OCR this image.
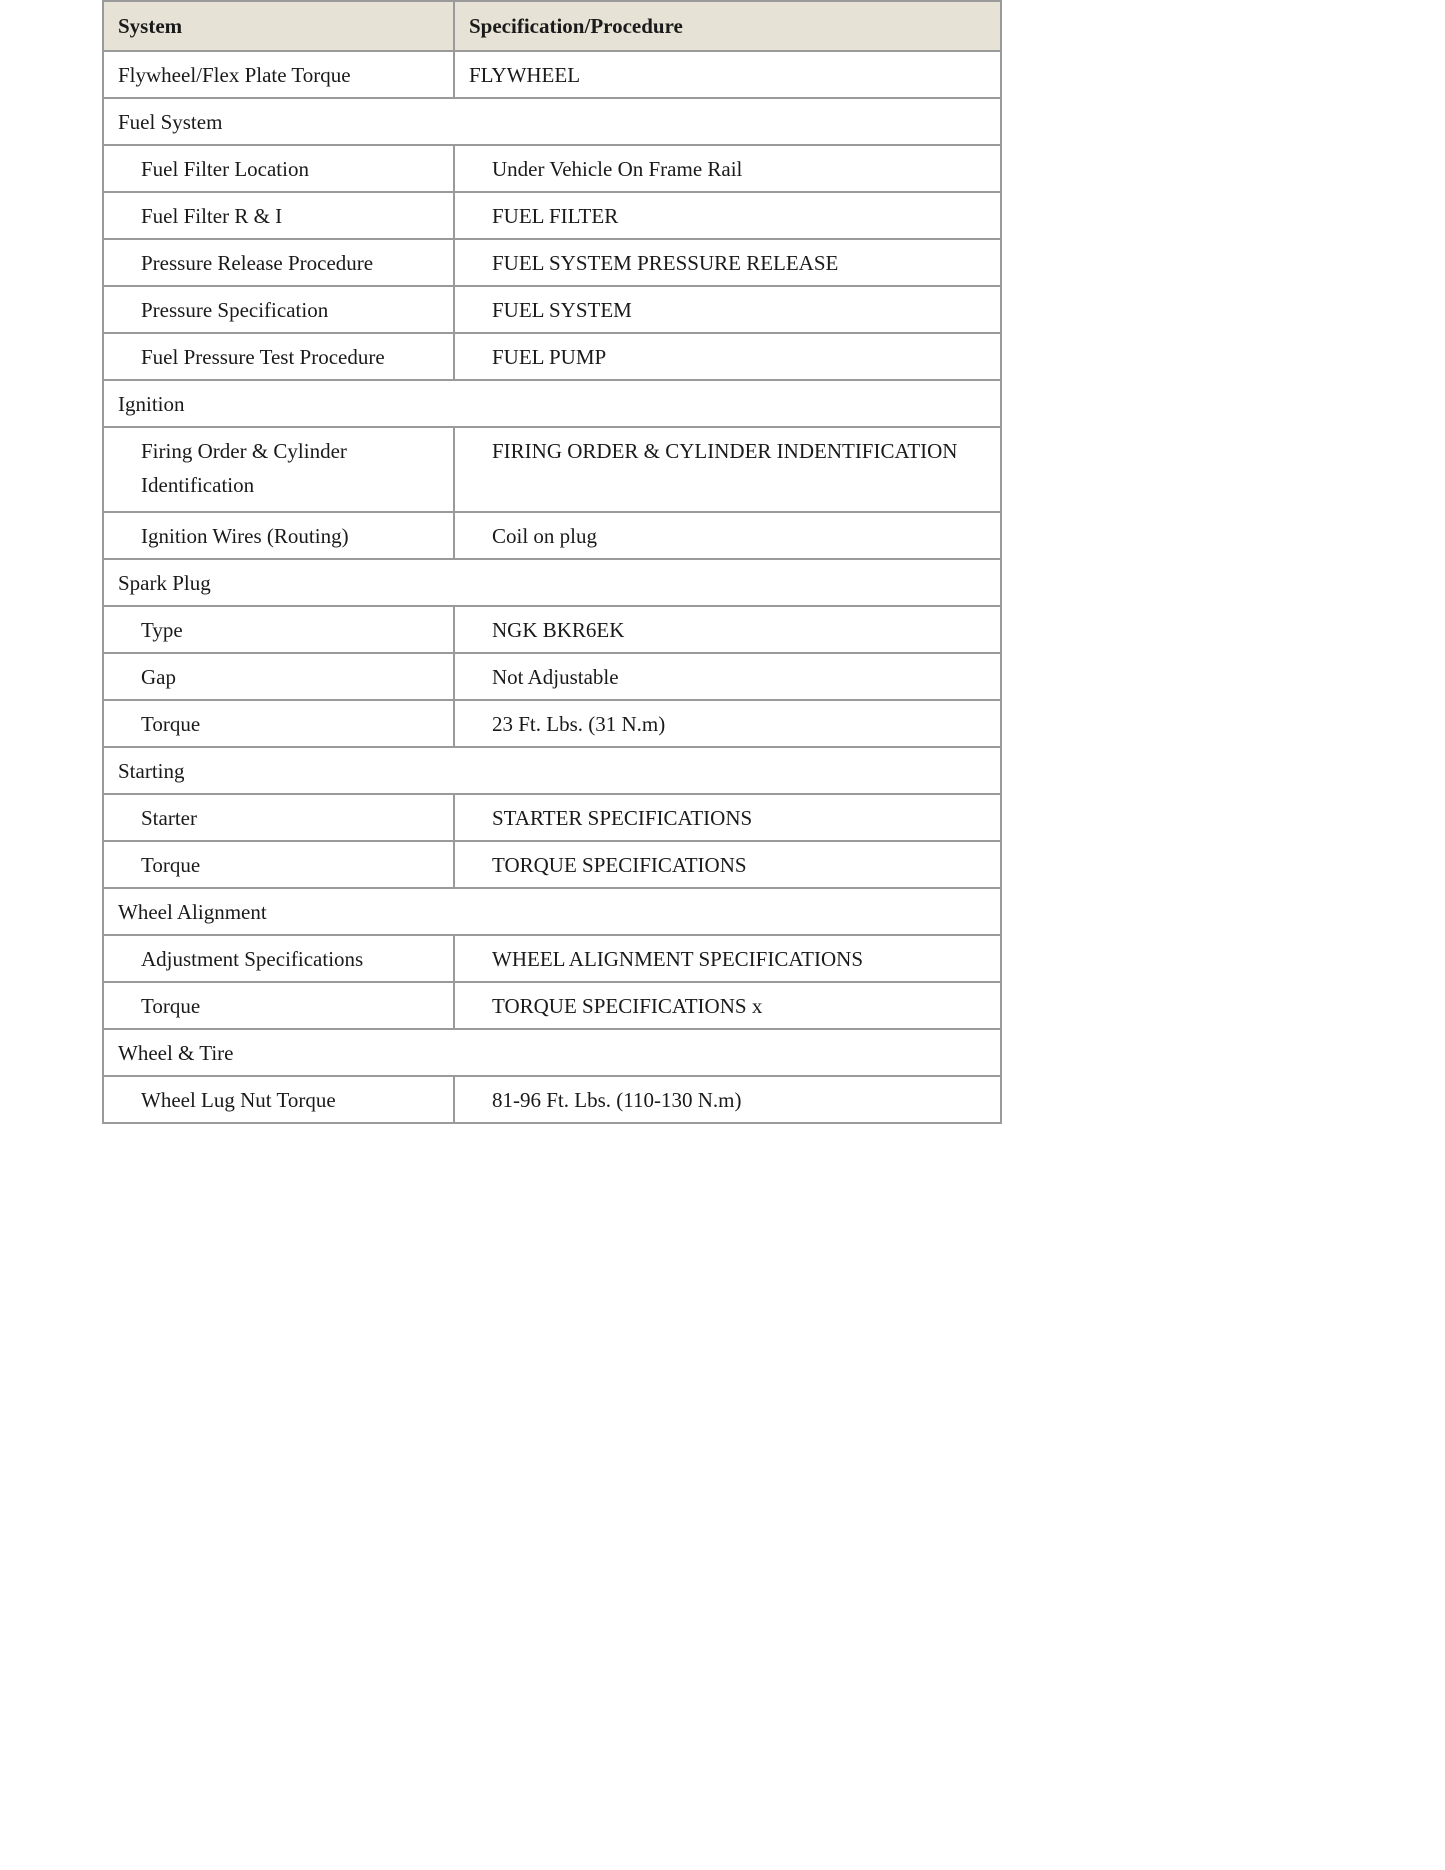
System	Specification/Procedure
Flywheel/Flex Plate Torque	FLYWHEEL
Fuel System	
Fuel Filter Location	Under Vehicle On Frame Rail
Fuel Filter R & I	FUEL FILTER
Pressure Release Procedure	FUEL SYSTEM PRESSURE RELEASE
Pressure Specification	FUEL SYSTEM
Fuel Pressure Test Procedure	FUEL PUMP
Ignition	
Firing Order & Cylinder Identification	FIRING ORDER & CYLINDER INDENTIFICATION
Ignition Wires (Routing)	Coil on plug
Spark Plug	
Type	NGK BKR6EK
Gap	Not Adjustable
Torque	23 Ft. Lbs. (31 N.m)
Starting	
Starter	STARTER SPECIFICATIONS
Torque	TORQUE SPECIFICATIONS
Wheel Alignment	
Adjustment Specifications	WHEEL ALIGNMENT SPECIFICATIONS
Torque	TORQUE SPECIFICATIONS x
Wheel & Tire	
Wheel Lug Nut Torque	81-96 Ft. Lbs. (110-130 N.m)
